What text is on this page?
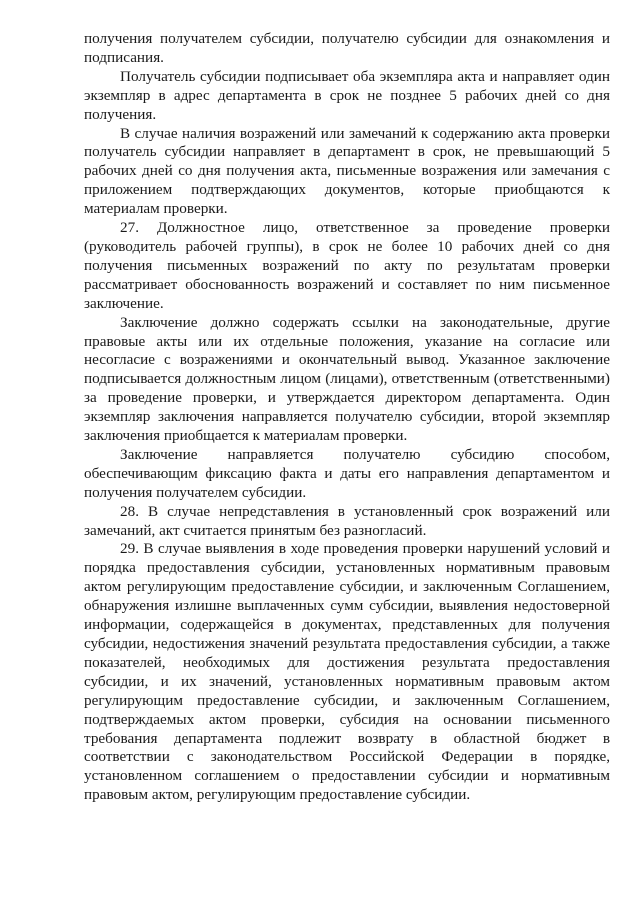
получения получателем субсидии, получателю субсидии для ознакомления и подписания.

Получатель субсидии подписывает оба экземпляра акта и направляет один экземпляр в адрес департамента в срок не позднее 5 рабочих дней со дня получения.

В случае наличия возражений или замечаний к содержанию акта проверки получатель субсидии направляет в департамент в срок, не превышающий 5 рабочих дней со дня получения акта, письменные возражения или замечания с приложением подтверждающих документов, которые приобщаются к материалам проверки.

27. Должностное лицо, ответственное за проведение проверки (руководитель рабочей группы), в срок не более 10 рабочих дней со дня получения письменных возражений по акту по результатам проверки рассматривает обоснованность возражений и составляет по ним письменное заключение.

Заключение должно содержать ссылки на законодательные, другие правовые акты или их отдельные положения, указание на согласие или несогласие с возражениями и окончательный вывод. Указанное заключение подписывается должностным лицом (лицами), ответственным (ответственными) за проведение проверки, и утверждается директором департамента. Один экземпляр заключения направляется получателю субсидии, второй экземпляр заключения приобщается к материалам проверки.

Заключение направляется получателю субсидию способом, обеспечивающим фиксацию факта и даты его направления департаментом и получения получателем субсидии.

28. В случае непредставления в установленный срок возражений или замечаний, акт считается принятым без разногласий.

29. В случае выявления в ходе проведения проверки нарушений условий и порядка предоставления субсидии, установленных нормативным правовым актом регулирующим предоставление субсидии, и заключенным Соглашением, обнаружения излишне выплаченных сумм субсидии, выявления недостоверной информации, содержащейся в документах, представленных для получения субсидии, недостижения значений результата предоставления субсидии, а также показателей, необходимых для достижения результата предоставления субсидии, и их значений, установленных нормативным правовым актом регулирующим предоставление субсидии, и заключенным Соглашением, подтверждаемых актом проверки, субсидия на основании письменного требования департамента подлежит возврату в областной бюджет в соответствии с законодательством Российской Федерации в порядке, установленном соглашением о предоставлении субсидии и нормативным правовым актом, регулирующим предоставление субсидии.
